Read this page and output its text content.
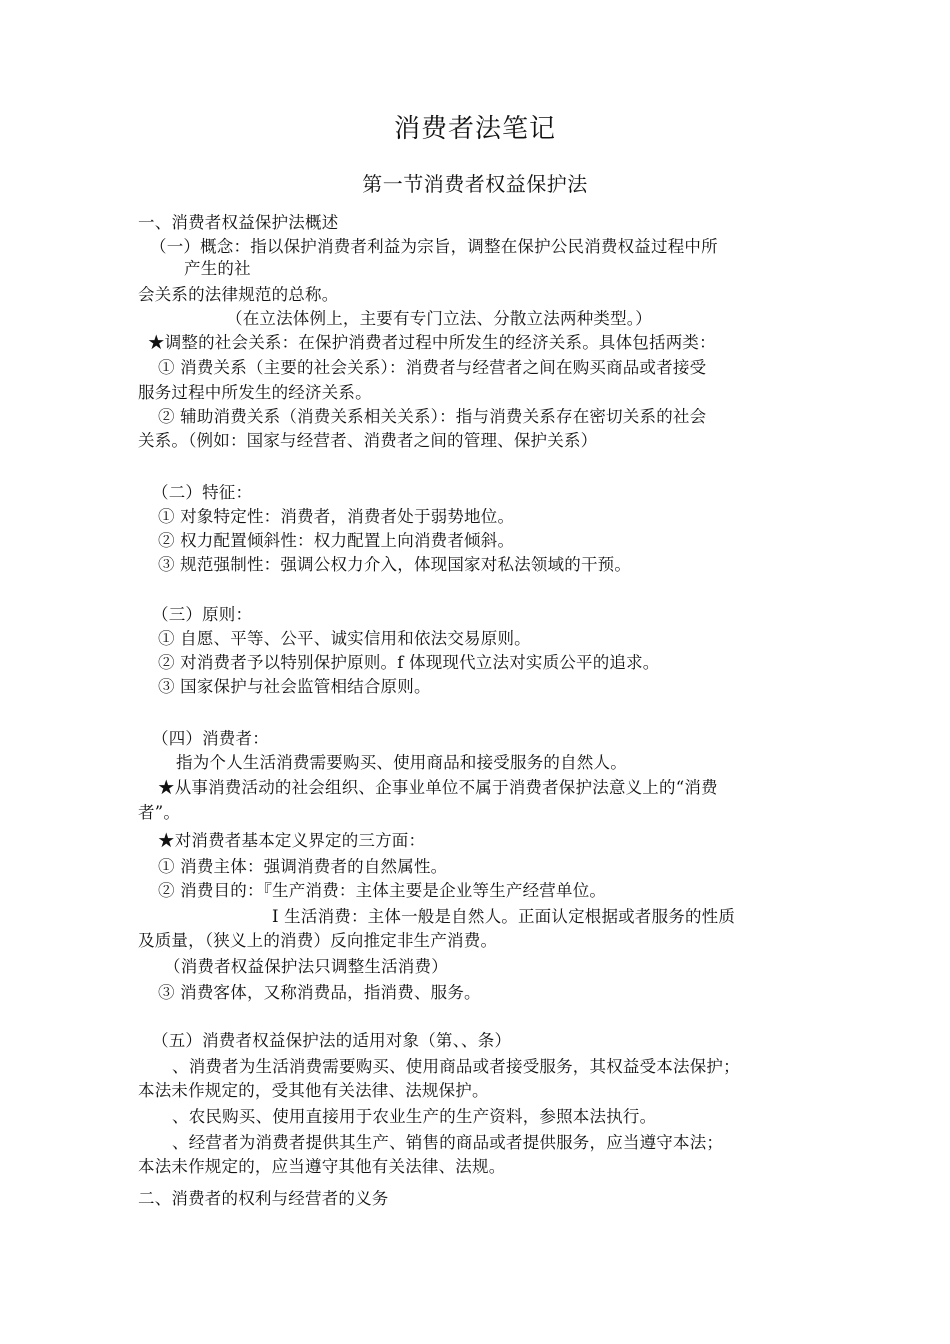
消费者法笔记
第一节消费者权益保护法
一、消费者权益保护法概述
（一）概念：指以保护消费者利益为宗旨，调整在保护公民消费权益过程中所
产生的社
会关系的法律规范的总称。
（在立法体例上，主要有专门立法、分散立法两种类型。）
★调整的社会关系：在保护消费者过程中所发生的经济关系。具体包括两类：
① 消费关系（主要的社会关系）：消费者与经营者之间在购买商品或者接受
服务过程中所发生的经济关系。
② 辅助消费关系（消费关系相关关系）：指与消费关系存在密切关系的社会
关系。（例如：国家与经营者、消费者之间的管理、保护关系）
（二）特征：
① 对象特定性：消费者，消费者处于弱势地位。
② 权力配置倾斜性：权力配置上向消费者倾斜。
③ 规范强制性：强调公权力介入，体现国家对私法领域的干预。
（三）原则：
① 自愿、平等、公平、诚实信用和依法交易原则。
② 对消费者予以特别保护原则。f 体现现代立法对实质公平的追求。
③ 国家保护与社会监管相结合原则。
（四）消费者：
指为个人生活消费需要购买、使用商品和接受服务的自然人。
★从事消费活动的社会组织、企事业单位不属于消费者保护法意义上的“消费
者”。
★对消费者基本定义界定的三方面：
① 消费主体：强调消费者的自然属性。
② 消费目的：『生产消费：主体主要是企业等生产经营单位。
I 生活消费：主体一般是自然人。正面认定根据或者服务的性质
及质量，（狭义上的消费）反向推定非生产消费。
（消费者权益保护法只调整生活消费）
③ 消费客体，又称消费品，指消费、服务。
（五）消费者权益保护法的适用对象（第、、条）
、消费者为生活消费需要购买、使用商品或者接受服务，其权益受本法保护；
本法未作规定的，受其他有关法律、法规保护。
、农民购买、使用直接用于农业生产的生产资料，参照本法执行。
、经营者为消费者提供其生产、销售的商品或者提供服务，应当遵守本法；
本法未作规定的，应当遵守其他有关法律、法规。
二、消费者的权利与经营者的义务
